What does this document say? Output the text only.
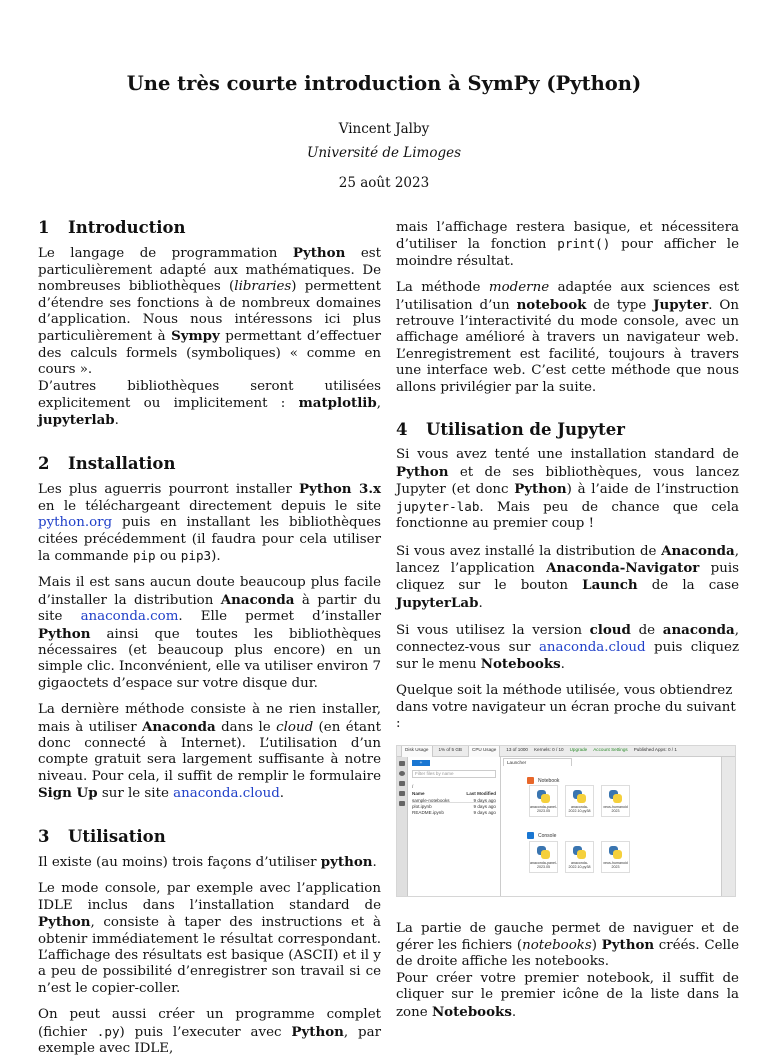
Une très courte introduction à SymPy (Python)
Vincent Jalby
Université de Limoges
25 août 2023
1 Introduction

Le langage de programmation Python est particulièrement adapté aux mathématiques. De nombreuses bibliothèques (libraries) permettent d’étendre ses fonctions à de nombreux domaines d’application. Nous nous intéressons ici plus particulièrement à Sympy permettant d’effectuer des calculs formels (symboliques) « comme en cours ».

D’autres bibliothèques seront utilisées explicitement ou implicitement : matplotlib, jupyterlab.

2 Installation

Les plus aguerris pourront installer Python 3.x en le téléchargeant directement depuis le site python.org puis en installant les bibliothèques citées précédemment (il faudra pour cela utiliser la commande pip ou pip3).

Mais il est sans aucun doute beaucoup plus facile d’installer la distribution Anaconda à partir du site anaconda.com. Elle permet d’installer Python ainsi que toutes les bibliothèques nécessaires (et beaucoup plus encore) en un simple clic. Inconvénient, elle va utiliser environ 7 gigaoctets d’espace sur votre disque dur.

La dernière méthode consiste à ne rien installer, mais à utiliser Anaconda dans le cloud (en étant donc connecté à Internet). L’utilisation d’un compte gratuit sera largement suffisante à notre niveau. Pour cela, il suffit de remplir le formulaire Sign Up sur le site anaconda.cloud.

3 Utilisation

Il existe (au moins) trois façons d’utiliser python.

Le mode console, par exemple avec l’application IDLE inclus dans l’installation standard de Python, consiste à taper des instructions et à obtenir immédiatement le résultat correspondant. L’affichage des résultats est basique (ASCII) et il y a peu de possibilité d’enregistrer son travail si ce n’est le copier-coller.

On peut aussi créer un programme complet (fichier .py) puis l’executer avec Python, par exemple avec IDLE,

mais l’affichage restera basique, et nécessitera d’utiliser la fonction print() pour afficher le moindre résultat.

La méthode moderne adaptée aux sciences est l’utilisation d’un notebook de type Jupyter. On retrouve l’interactivité du mode console, avec un affichage amélioré à travers un navigateur web. L’enregistrement est facilité, toujours à travers une interface web. C’est cette méthode que nous allons privilégier par la suite.

4 Utilisation de Jupyter

Si vous avez tenté une installation standard de Python et de ses bibliothèques, vous lancez Jupyter (et donc Python) à l’aide de l’instruction jupyter-lab. Mais peu de chance que cela fonctionne au premier coup !

Si vous avez installé la distribution de Anaconda, lancez l’application Anaconda-Navigator puis cliquez sur le bouton Launch de la case JupyterLab.

Si vous utilisez la version cloud de anaconda, connectez-vous sur anaconda.cloud puis cliquez sur le menu Notebooks.

Quelque soit la méthode utilisée, vous obtiendrez dans votre navigateur un écran proche du suivant :

Disk Usage	1% of 5 GB	CPU Usage	13 of 1000 Kernels: 0 / 10 Upgrade Account Settings Published Apps: 0 / 1
+
Filter files by name
/
Name	Last Modified
sample-notebooks	9 days ago
plot.ipynb	9 days ago
README.ipynb	9 days ago
Launcher
Notebook
anaconda-panel-2023.05
anaconda-2022.10-py38
xeus-humanoid 2023
Console
anaconda-panel-2023.05
anaconda-2022.10-py38
xeus-humanoid 2023

La partie de gauche permet de naviguer et de gérer les fichiers (notebooks) Python créés. Celle de droite affiche les notebooks.

Pour créer votre premier notebook, il suffit de cliquer sur le premier icône de la liste dans la zone Notebooks.
